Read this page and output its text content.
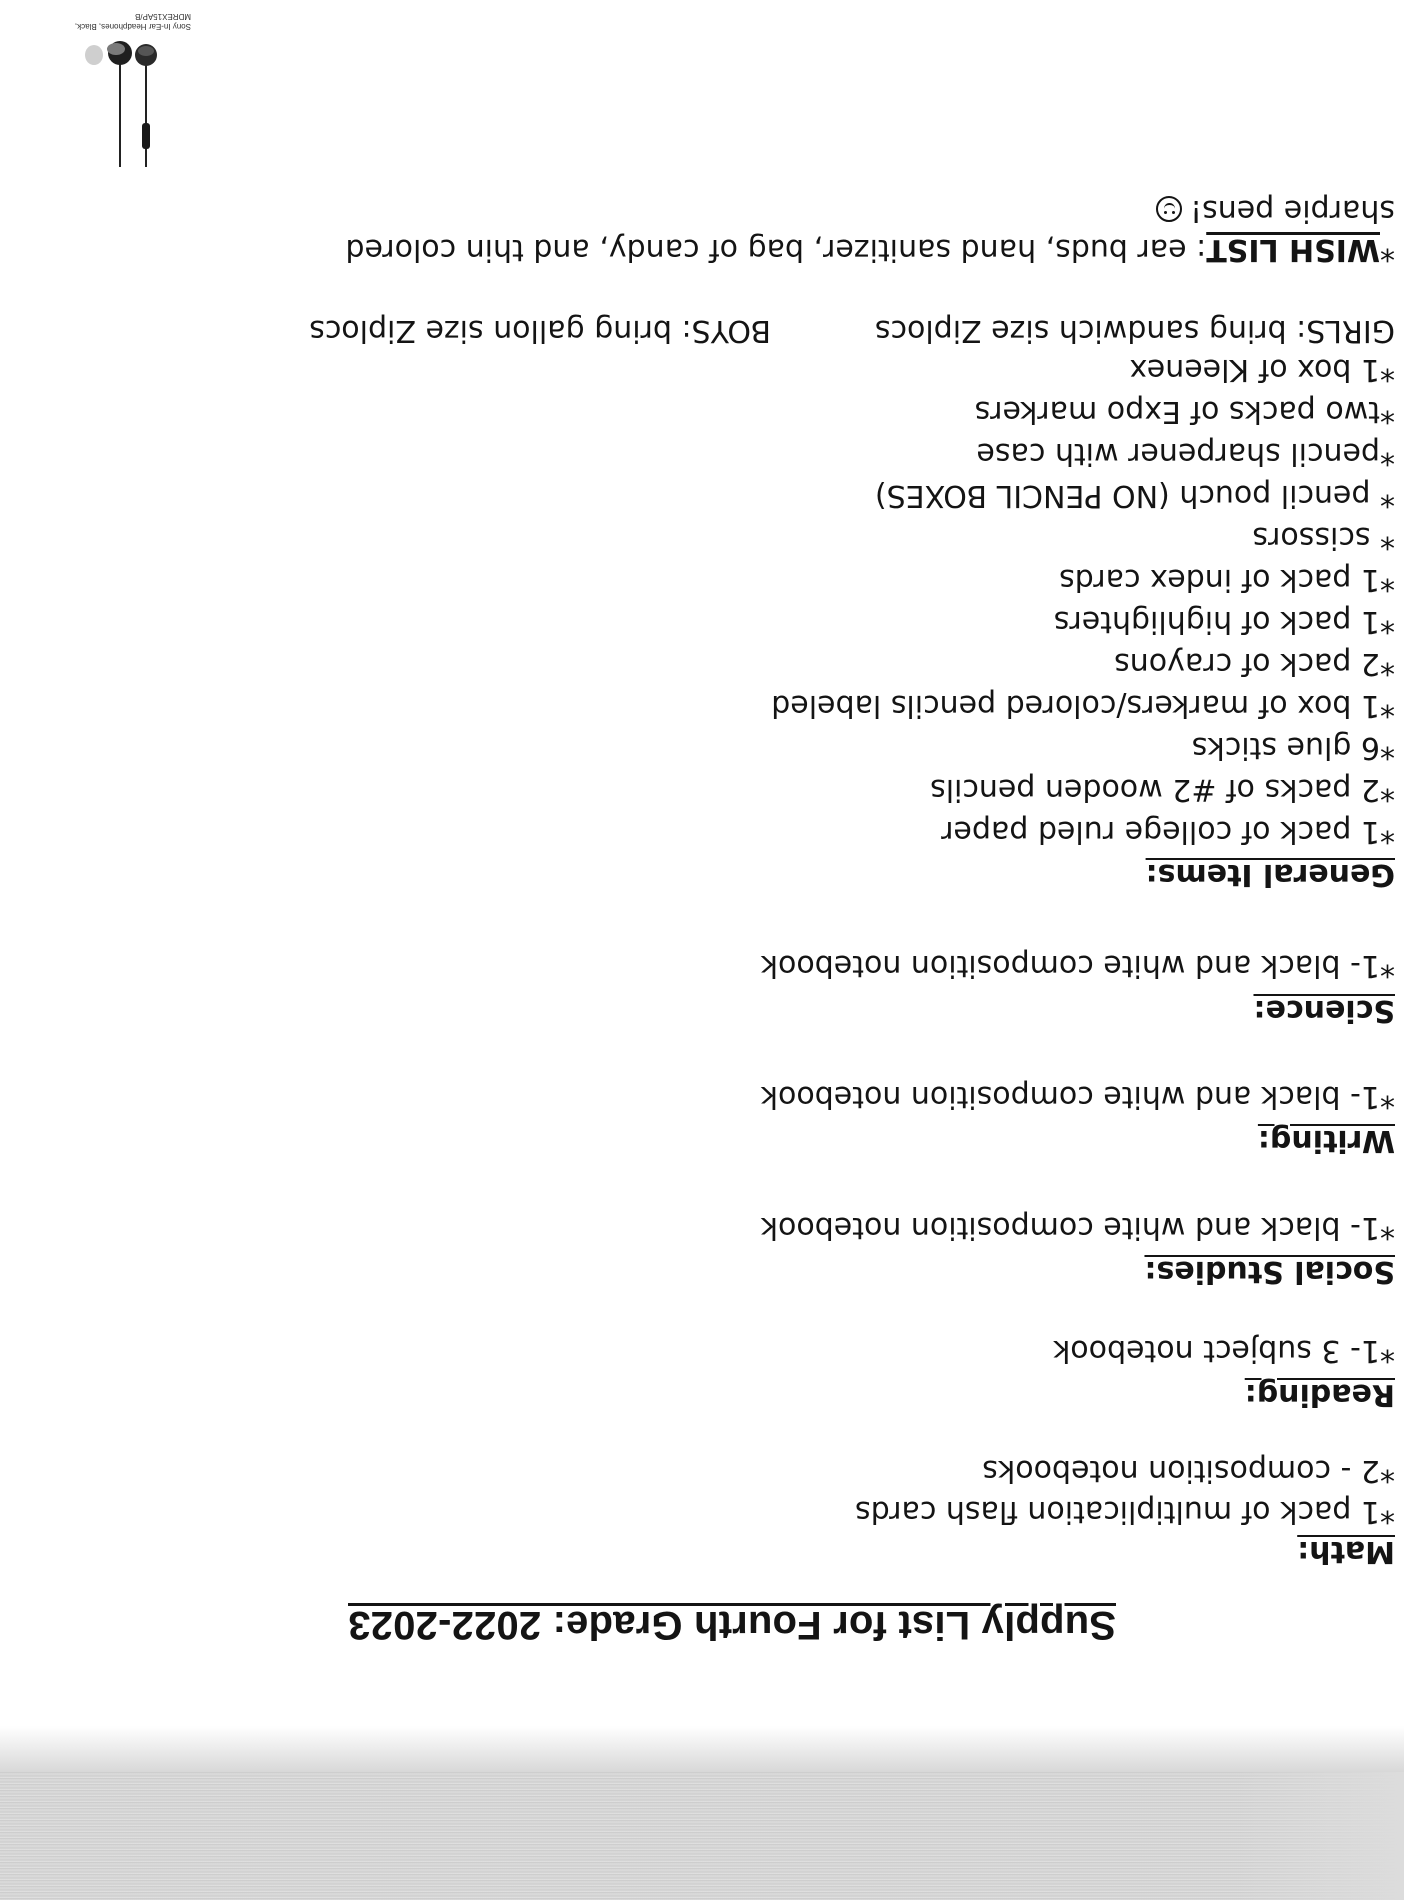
Supply List for Fourth Grade: 2022-2023
Math:
*1 pack of multiplication flash cards
*2 - composition notebooks
Reading:
*1- 3 subject notebook
Social Studies:
*1- black and white composition notebook
Writing:
*1- black and white composition notebook
Science:
*1- black and white composition notebook
General Items:
*1 pack of college ruled paper
*2 packs of #2 wooden pencils
*6 glue sticks
*1 box of markers/colored pencils labeled
*2 pack of crayons
*1 pack of highlighters
*1 pack of index cards
* scissors
* pencil pouch (NO PENCIL BOXES)
*pencil sharpener with case
*two packs of Expo markers
*1 box of Kleenex
GIRLS: bring sandwich size Ziplocs
BOYS: bring gallon size Ziplocs
*WISH LIST: ear buds, hand sanitizer, bag of candy, and thin colored
sharpie pens!
Sony In-Ear Headphones, Black, MDREX15AP/B
